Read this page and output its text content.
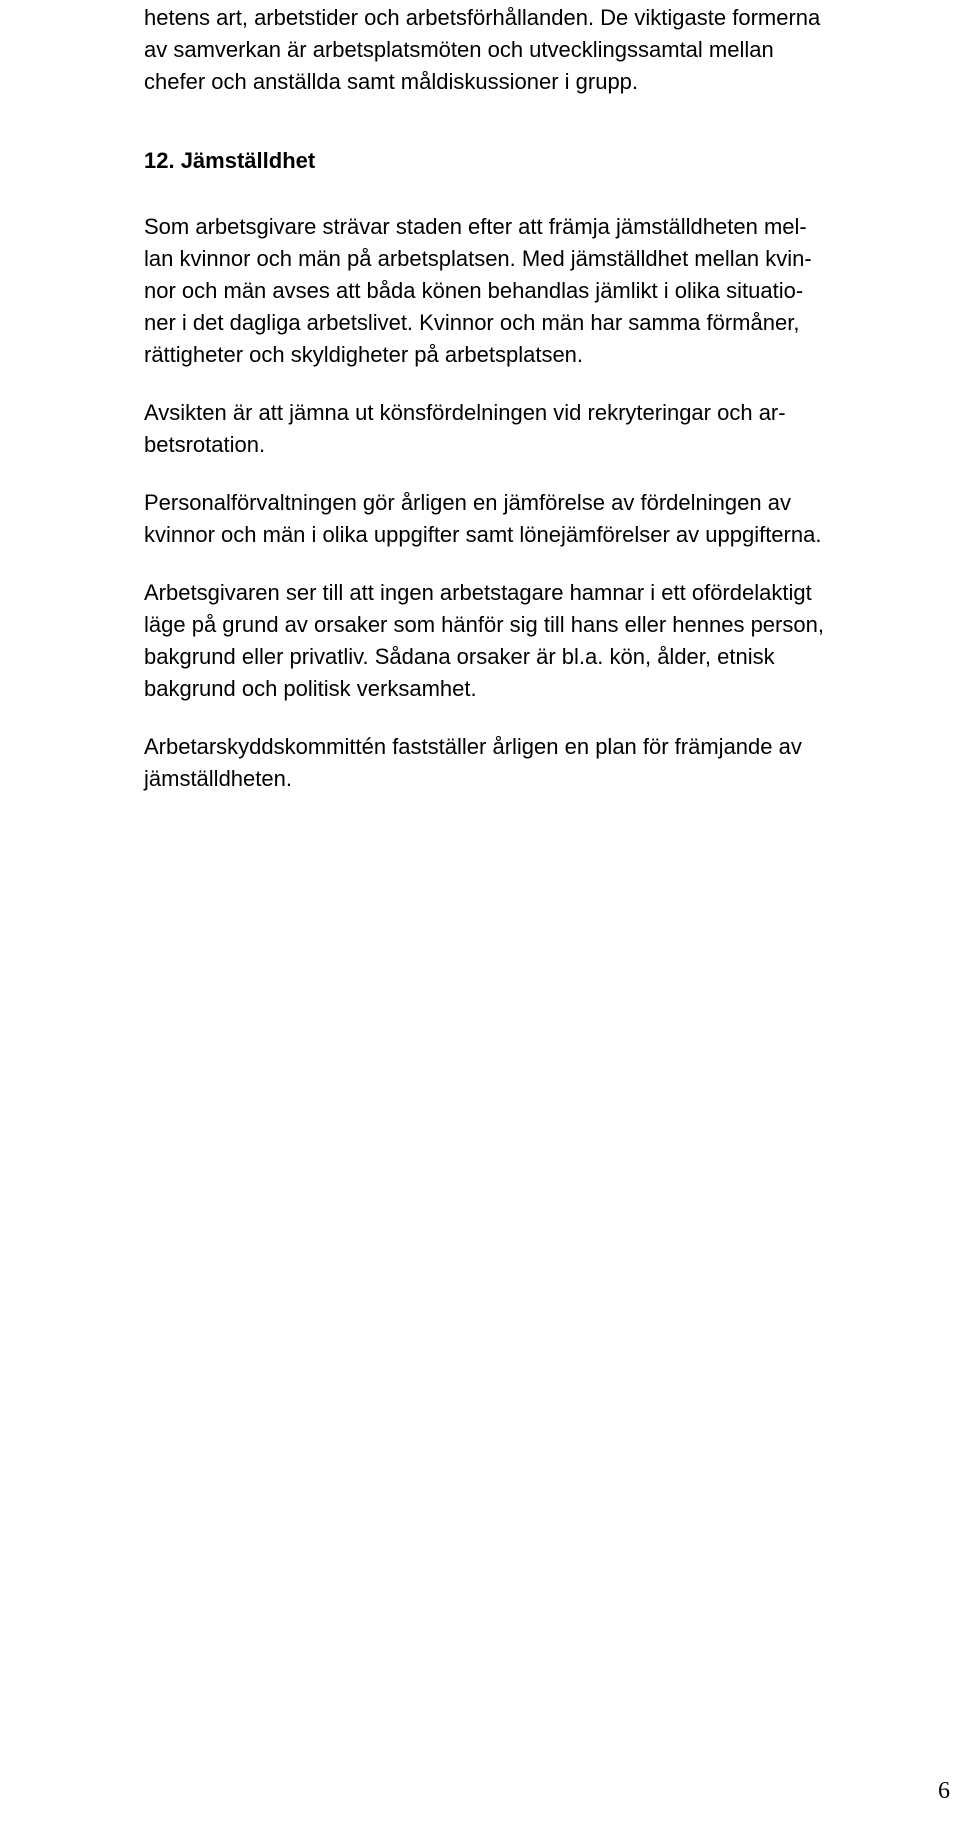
hetens art, arbetstider och arbetsförhållanden. De viktigaste formerna

av samverkan är arbetsplatsmöten och utvecklingssamtal mellan

chefer och anställda samt måldiskussioner i grupp.

12. Jämställdhet

Som arbetsgivare strävar staden efter att främja jämställdheten mel-

lan kvinnor och män på arbetsplatsen. Med jämställdhet mellan kvin-

nor och män avses att båda könen behandlas jämlikt i olika situatio-

ner i det dagliga arbetslivet. Kvinnor och män har samma förmåner,

rättigheter och skyldigheter på arbetsplatsen.

Avsikten är att jämna ut könsfördelningen vid rekryteringar och ar-

betsrotation.

Personalförvaltningen gör årligen en jämförelse av fördelningen av

kvinnor och män i olika uppgifter samt lönejämförelser av uppgifterna.

Arbetsgivaren ser till att ingen arbetstagare hamnar i ett ofördelaktigt

läge på grund av orsaker som hänför sig till hans eller hennes person,

bakgrund eller privatliv. Sådana orsaker är bl.a. kön, ålder, etnisk

bakgrund och politisk verksamhet.

Arbetarskyddskommittén fastställer årligen en plan för främjande av

jämställdheten.

6
